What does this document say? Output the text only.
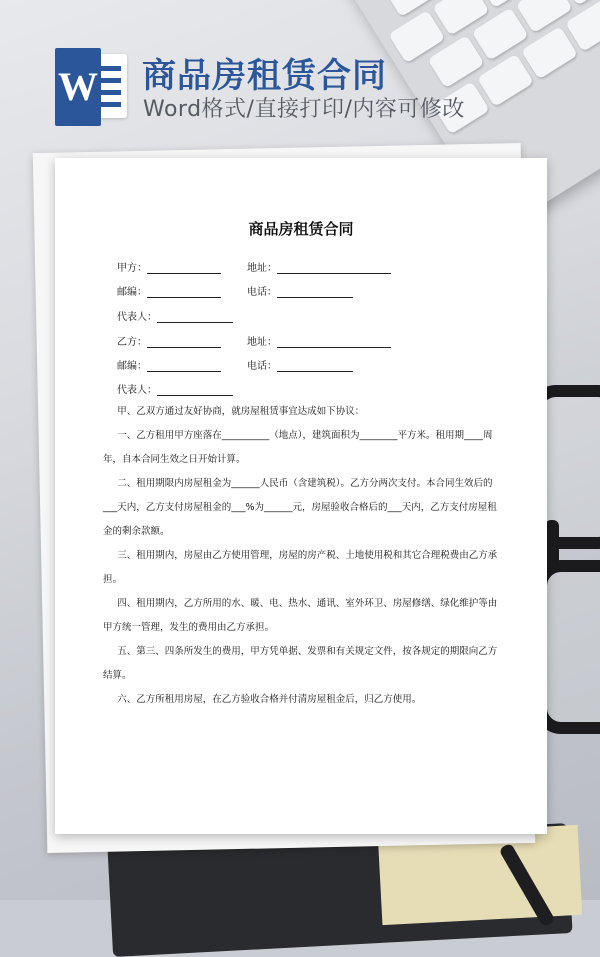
W 商品房租赁合同
Word格式/直接打印/内容可修改
商品房租赁合同
甲方：	地址：
邮编：	电话：
代表人：
乙方：	地址：
邮编：	电话：
代表人：

甲、乙双方通过友好协商，就房屋租赁事宜达成如下协议：

一、乙方租用甲方座落在__________（地点），建筑面积为________平方米。租用期____周年，自本合同生效之日开始计算。

二、租用期限内房屋租金为______人民币（含建筑税）。乙方分两次支付。本合同生效后的___天内，乙方支付房屋租金的___%为______元，房屋验收合格后的___天内，乙方支付房屋租金的剩余款额。

三、租用期内，房屋由乙方使用管理，房屋的房产税、土地使用税和其它合理税费由乙方承担。

四、租用期内，乙方所用的水、暖、电、热水、通讯、室外环卫、房屋修缮、绿化维护等由甲方统一管理，发生的费用由乙方承担。

五、第三、四条所发生的费用，甲方凭单据、发票和有关规定文件，按各规定的期限向乙方结算。

六、乙方所租用房屋，在乙方验收合格并付清房屋租金后，归乙方使用。
